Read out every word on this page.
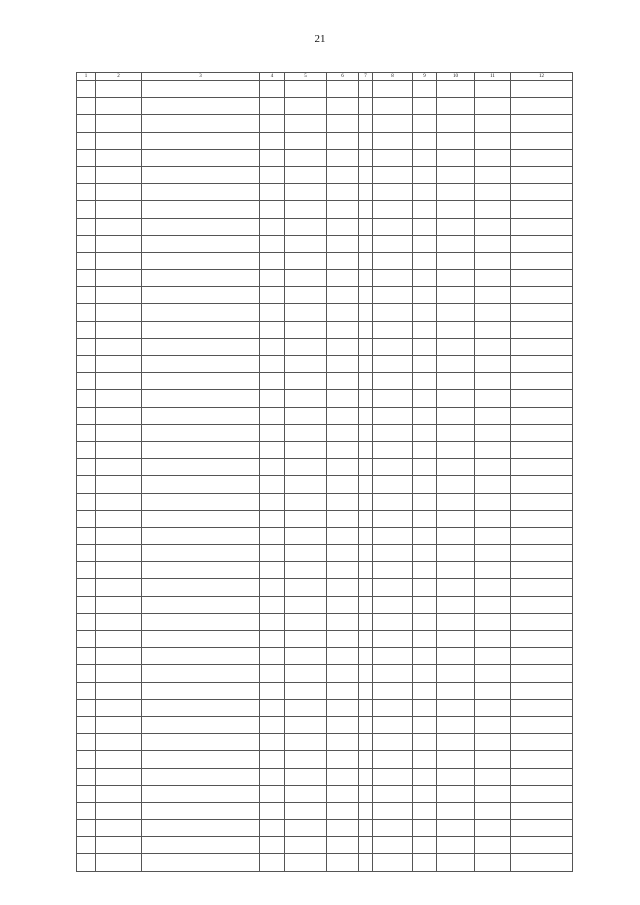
21
1	2	3	4	5	6	7	8	9	10	11	12
